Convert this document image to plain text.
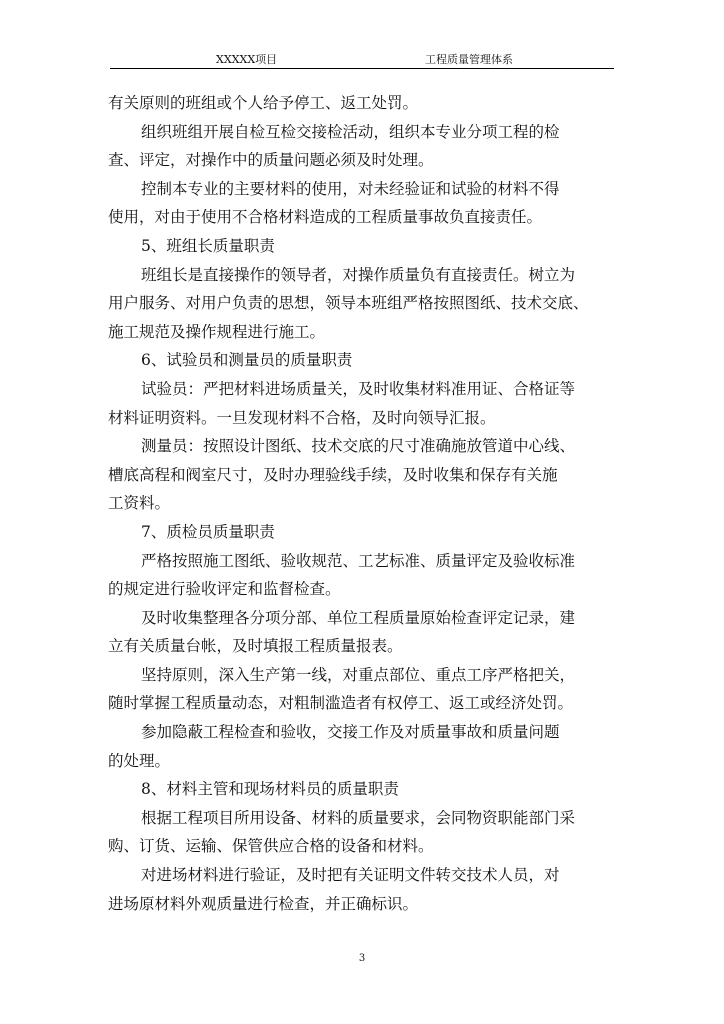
XXXXX项目	工程质量管理体系
有关原则的班组或个人给予停工、返工处罚。
组织班组开展自检互检交接检活动，组织本专业分项工程的检
查、评定，对操作中的质量问题必须及时处理。
控制本专业的主要材料的使用，对未经验证和试验的材料不得
使用，对由于使用不合格材料造成的工程质量事故负直接责任。
5、班组长质量职责
班组长是直接操作的领导者，对操作质量负有直接责任。树立为
用户服务、对用户负责的思想，领导本班组严格按照图纸、技术交底、
施工规范及操作规程进行施工。
6、试验员和测量员的质量职责
试验员：严把材料进场质量关，及时收集材料准用证、合格证等
材料证明资料。一旦发现材料不合格，及时向领导汇报。
测量员：按照设计图纸、技术交底的尺寸准确施放管道中心线、
槽底高程和阀室尺寸，及时办理验线手续，及时收集和保存有关施
工资料。
7、质检员质量职责
严格按照施工图纸、验收规范、工艺标准、质量评定及验收标准
的规定进行验收评定和监督检查。
及时收集整理各分项分部、单位工程质量原始检查评定记录，建
立有关质量台帐，及时填报工程质量报表。
坚持原则，深入生产第一线，对重点部位、重点工序严格把关，
随时掌握工程质量动态，对粗制滥造者有权停工、返工或经济处罚。
参加隐蔽工程检查和验收，交接工作及对质量事故和质量问题
的处理。
8、材料主管和现场材料员的质量职责
根据工程项目所用设备、材料的质量要求，会同物资职能部门采
购、订货、运输、保管供应合格的设备和材料。
对进场材料进行验证，及时把有关证明文件转交技术人员，对
进场原材料外观质量进行检查，并正确标识。
3
